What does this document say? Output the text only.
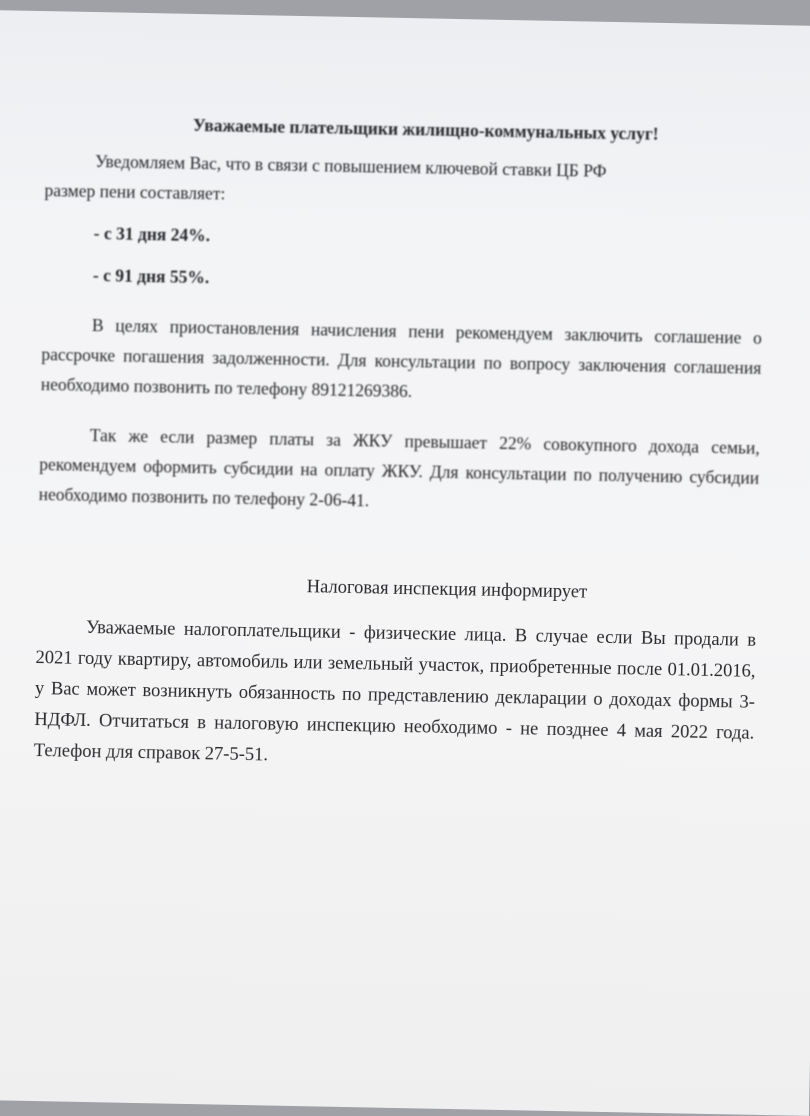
Уважаемые плательщики жилищно-коммунальных услуг!

Уведомляем Вас, что в связи с повышением ключевой ставки ЦБ РФ

размер пени составляет:

- с 31 дня 24%.
- с 91 дня 55%.

В целях приостановления начисления пени рекомендуем заключить соглашение о рассрочке погашения задолженности. Для консультации по вопросу заключения соглашения необходимо позвонить по телефону 89121269386.

Так же если размер платы за ЖКУ превышает 22% совокупного дохода семьи, рекомендуем оформить субсидии на оплату ЖКУ. Для консультации по получению субсидии необходимо позвонить по телефону 2-06-41.

Налоговая инспекция информирует

Уважаемые налогоплательщики - физические лица. В случае если Вы продали в 2021 году квартиру, автомобиль или земельный участок, приобретенные после 01.01.2016, у Вас может возникнуть обязанность по представлению декларации о доходах формы 3- НДФЛ. Отчитаться в налоговую инспекцию необходимо - не позднее 4 мая 2022 года. Телефон для справок 27-5-51.
